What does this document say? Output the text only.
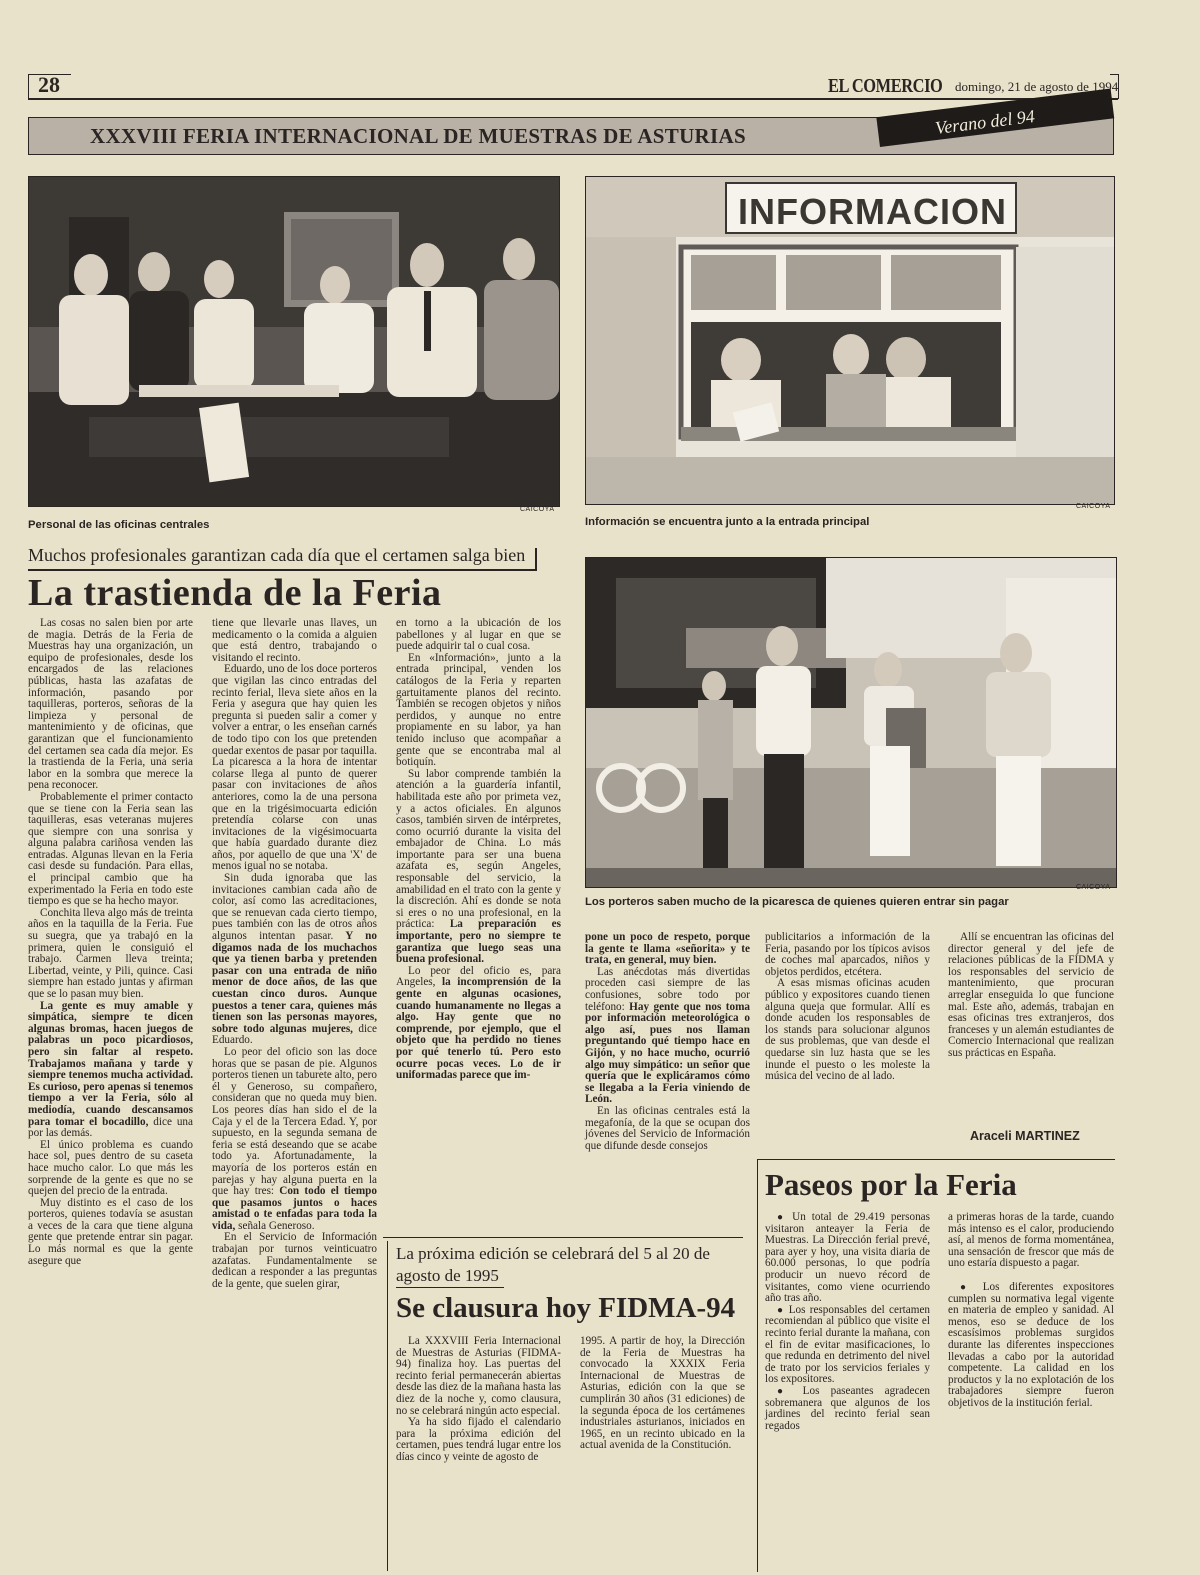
28	EL COMERCIO domingo, 21 de agosto de 1994
XXXVIII FERIA INTERNACIONAL DE MUESTRAS DE ASTURIAS	Verano del 94
CAICOYA
Personal de las oficinas centrales
INFORMACION
CAICOYA
Información se encuentra junto a la entrada principal
Muchos profesionales garantizan cada día que el certamen salga bien
La trastienda de la Feria
CAICOYA
Los porteros saben mucho de la picaresca de quienes quieren entrar sin pagar

Las cosas no salen bien por arte de magia. Detrás de la Feria de Muestras hay una organización, un equipo de profesionales, desde los encargados de las relaciones públicas, hasta las azafatas de información, pasando por taquilleras, porteros, señoras de la limpieza y personal de mantenimiento y de oficinas, que garantizan que el funcionamiento del certamen sea cada día mejor. Es la trastienda de la Feria, una seria labor en la sombra que merece la pena reconocer.

Probablemente el primer contacto que se tiene con la Feria sean las taquilleras, esas veteranas mujeres que siempre con una sonrisa y alguna palabra cariñosa venden las entradas. Algunas llevan en la Feria casi desde su fundación. Para ellas, el principal cambio que ha experimentado la Feria en todo este tiempo es que se ha hecho mayor.

Conchita lleva algo más de treinta años en la taquilla de la Feria. Fue su suegra, que ya trabajó en la primera, quien le consiguió el trabajo. Carmen lleva treinta; Libertad, veinte, y Pili, quince. Casi siempre han estado juntas y afirman que se lo pasan muy bien.

La gente es muy amable y simpática, siempre te dicen algunas bromas, hacen juegos de palabras un poco picardiosos, pero sin faltar al respeto. Trabajamos mañana y tarde y siempre tenemos mucha actividad. Es curioso, pero apenas si tenemos tiempo a ver la Feria, sólo al mediodía, cuando descansamos para tomar el bocadillo, dice una por las demás.

El único problema es cuando hace sol, pues dentro de su caseta hace mucho calor. Lo que más les sorprende de la gente es que no se quejen del precio de la entrada.

Muy distinto es el caso de los porteros, quienes todavía se asustan a veces de la cara que tiene alguna gente que pretende entrar sin pagar. Lo más normal es que la gente asegure que

tiene que llevarle unas llaves, un medicamento o la comida a alguien que está dentro, trabajando o visitando el recinto.

Eduardo, uno de los doce porteros que vigilan las cinco entradas del recinto ferial, lleva siete años en la Feria y asegura que hay quien les pregunta si pueden salir a comer y volver a entrar, o les enseñan carnés de todo tipo con los que pretenden quedar exentos de pasar por taquilla. La picaresca a la hora de intentar colarse llega al punto de querer pasar con invitaciones de años anteriores, como la de una persona que en la trigésimocuarta edición pretendía colarse con unas invitaciones de la vigésimocuarta que había guardado durante diez años, por aquello de que una 'X' de menos igual no se notaba.

Sin duda ignoraba que las invitaciones cambian cada año de color, así como las acreditaciones, que se renuevan cada cierto tiempo, pues también con las de otros años algunos intentan pasar. Y no digamos nada de los muchachos que ya tienen barba y pretenden pasar con una entrada de niño menor de doce años, de las que cuestan cinco duros. Aunque puestos a tener cara, quienes más tienen son las personas mayores, sobre todo algunas mujeres, dice Eduardo.

Lo peor del oficio son las doce horas que se pasan de pie. Algunos porteros tienen un taburete alto, pero él y Generoso, su compañero, consideran que no queda muy bien. Los peores días han sido el de la Caja y el de la Tercera Edad. Y, por supuesto, en la segunda semana de feria se está deseando que se acabe todo ya. Afortunadamente, la mayoría de los porteros están en parejas y hay alguna puerta en la que hay tres: Con todo el tiempo que pasamos juntos o haces amistad o te enfadas para toda la vida, señala Generoso.

En el Servicio de Información trabajan por turnos veinticuatro azafatas. Fundamentalmente se dedican a responder a las preguntas de la gente, que suelen girar,

en torno a la ubicación de los pabellones y al lugar en que se puede adquirir tal o cual cosa.

En «Información», junto a la entrada principal, venden los catálogos de la Feria y reparten gartuitamente planos del recinto. También se recogen objetos y niños perdidos, y aunque no entre propiamente en su labor, ya han tenido incluso que acompañar a gente que se encontraba mal al botiquín.

Su labor comprende también la atención a la guardería infantil, habilitada este año por primeta vez, y a actos oficiales. En algunos casos, también sirven de intérpretes, como ocurrió durante la visita del embajador de China. Lo más importante para ser una buena azafata es, según Angeles, responsable del servicio, la amabilidad en el trato con la gente y la discreción. Ahí es donde se nota si eres o no una profesional, en la práctica: La preparación es importante, pero no siempre te garantiza que luego seas una buena profesional.

Lo peor del oficio es, para Angeles, la incomprensión de la gente en algunas ocasiones, cuando humanamente no llegas a algo. Hay gente que no comprende, por ejemplo, que el objeto que ha perdido no tienes por qué tenerlo tú. Pero esto ocurre pocas veces. Lo de ir uniformadas parece que im-

pone un poco de respeto, porque la gente te llama «señorita» y te trata, en general, muy bien.

Las anécdotas más divertidas proceden casi siempre de las confusiones, sobre todo por teléfono: Hay gente que nos toma por información meteorológica o algo así, pues nos llaman preguntando qué tiempo hace en Gijón, y no hace mucho, ocurrió algo muy simpático: un señor que quería que le explicáramos cómo se llegaba a la Feria viniendo de León.

En las oficinas centrales está la megafonía, de la que se ocupan dos jóvenes del Servicio de Información que difunde desde consejos

publicitarios a información de la Feria, pasando por los típicos avisos de coches mal aparcados, niños y objetos perdidos, etcétera.

A esas mismas oficinas acuden público y expositores cuando tienen alguna queja que formular. Allí es donde acuden los responsables de los stands para solucionar algunos de sus problemas, que van desde el quedarse sin luz hasta que se les inunde el puesto o les moleste la música del vecino de al lado.

Allí se encuentran las oficinas del director general y del jefe de relaciones públicas de la FIDMA y los responsables del servicio de mantenimiento, que procuran arreglar enseguida lo que funcione mal. Este año, además, trabajan en esas oficinas tres extranjeros, dos franceses y un alemán estudiantes de Comercio Internacional que realizan sus prácticas en España.

Araceli MARTINEZ
La próxima edición se celebrará del 5 al 20 de
agosto de 1995
Se clausura hoy FIDMA-94

La XXXVIII Feria Internacional de Muestras de Asturias (FIDMA-94) finaliza hoy. Las puertas del recinto ferial permanecerán abiertas desde las diez de la mañana hasta las diez de la noche y, como clausura, no se celebrará ningún acto especial.

Ya ha sido fijado el calendario para la próxima edición del certamen, pues tendrá lugar entre los días cinco y veinte de agosto de

1995. A partir de hoy, la Dirección de la Feria de Muestras ha convocado la XXXIX Feria Internacional de Muestras de Asturias, edición con la que se cumplirán 30 años (31 ediciones) de la segunda época de los certámenes industriales asturianos, iniciados en 1965, en un recinto ubicado en la actual avenida de la Constitución.

Paseos por la Feria

● Un total de 29.419 personas visitaron anteayer la Feria de Muestras. La Dirección ferial prevé, para ayer y hoy, una visita diaria de 60.000 personas, lo que podría producir un nuevo récord de visitantes, como viene ocurriendo año tras año.

● Los responsables del certamen recomiendan al público que visite el recinto ferial durante la mañana, con el fin de evitar masificaciones, lo que redunda en detrimento del nivel de trato por los servicios feriales y los expositores.

● Los paseantes agradecen sobremanera que algunos de los jardines del recinto ferial sean regados

a primeras horas de la tarde, cuando más intenso es el calor, produciendo así, al menos de forma momentánea, una sensación de frescor que más de uno estaría dispuesto a pagar.

● Los diferentes expositores cumplen su normativa legal vigente en materia de empleo y sanidad. Al menos, eso se deduce de los escasísimos problemas surgidos durante las diferentes inspecciones llevadas a cabo por la autoridad competente. La calidad en los productos y la no explotación de los trabajadores siempre fueron objetivos de la institución ferial.
